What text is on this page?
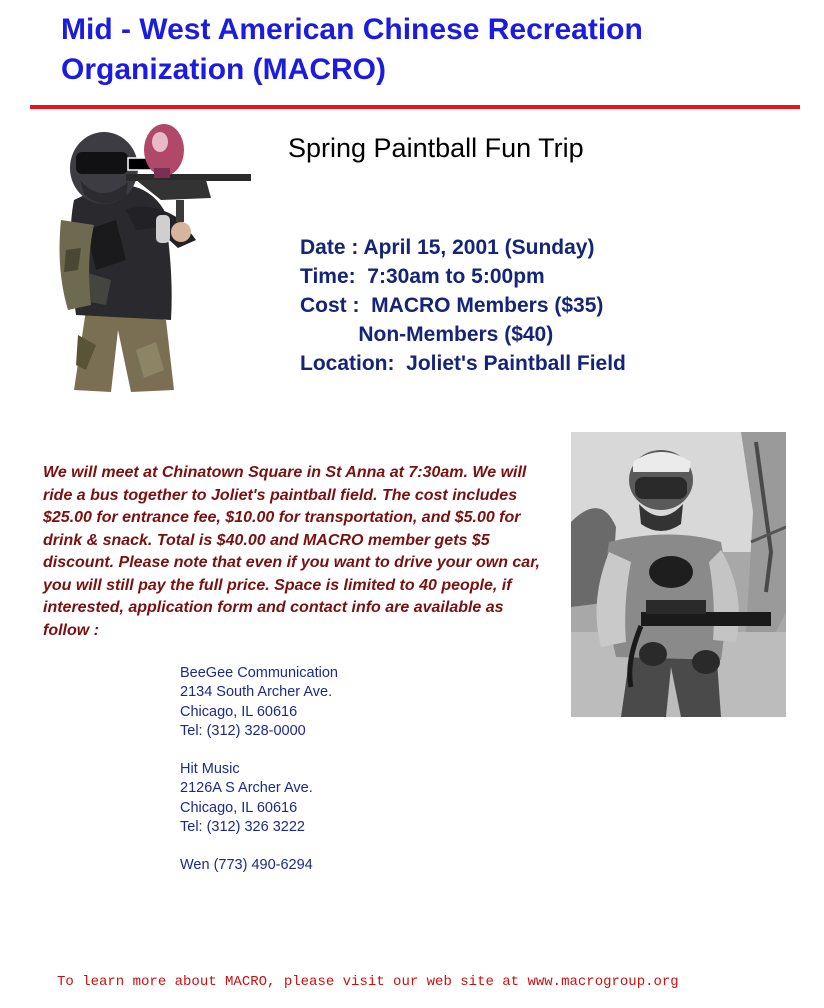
Mid - West American Chinese Recreation
Organization (MACRO)
Spring Paintball Fun Trip
Date : April 15, 2001 (Sunday)
Time:  7:30am to 5:00pm
Cost :  MACRO Members ($35)
Non-Members ($40)
Location:  Joliet's Paintball Field
We will meet at Chinatown Square in St Anna at 7:30am. We will ride a bus together to Joliet's paintball field. The cost includes $25.00 for entrance fee, $10.00 for transportation, and $5.00 for drink & snack. Total is $40.00 and MACRO member gets $5 discount. Please note that even if you want to drive your own car, you will still pay the full price. Space is limited to 40 people, if interested, application form and contact info are available as follow :
BeeGee Communication
2134 South Archer Ave.
Chicago, IL 60616
Tel: (312) 328-0000
Hit Music
2126A S Archer Ave.
Chicago, IL 60616
Tel: (312) 326 3222
Wen (773) 490-6294
To learn more about MACRO, please visit our web site at www.macrogroup.org
